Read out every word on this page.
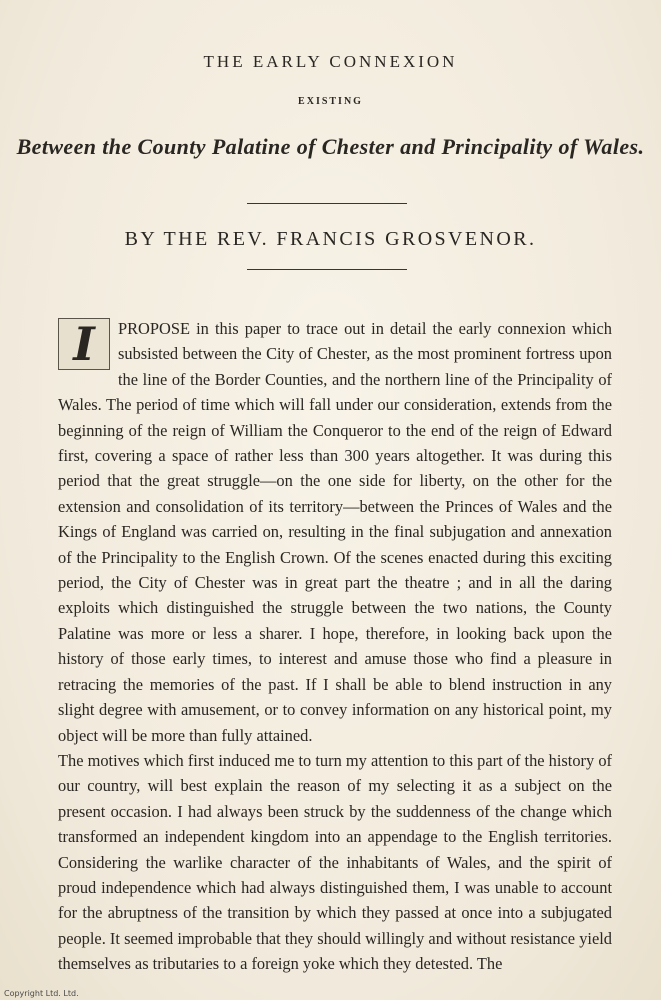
THE EARLY CONNEXION
EXISTING
Between the County Palatine of Chester and Principality of Wales.
BY THE REV. FRANCIS GROSVENOR.

I	PROPOSE in this paper to trace out in detail the early connexion which subsisted between the City of Chester, as the most prominent fortress upon the line of the Border Counties, and the northern line of the Principality of Wales. The period of time which will fall under our consideration, extends from the beginning of the reign of William the Conqueror to the end of the reign of Edward first, covering a space of rather less than 300 years altogether. It was during this period that the great struggle—on the one side for liberty, on the other for the extension and consolidation of its territory—between the Princes of Wales and the Kings of England was carried on, resulting in the final subjugation and annexation of the Principality to the English Crown. Of the scenes enacted during this exciting period, the City of Chester was in great part the theatre ; and in all the daring exploits which distinguished the struggle between the two nations, the County Palatine was more or less a sharer. I hope, therefore, in looking back upon the history of those early times, to interest and amuse those who find a pleasure in retracing the memories of the past. If I shall be able to blend instruction in any slight degree with amusement, or to convey information on any historical point, my object will be more than fully attained.

The motives which first induced me to turn my attention to this part of the history of our country, will best explain the reason of my selecting it as a subject on the present occasion. I had always been struck by the suddenness of the change which transformed an independent kingdom into an appendage to the English territories. Considering the warlike character of the inhabitants of Wales, and the spirit of proud independence which had always distinguished them, I was unable to account for the abruptness of the transition by which they passed at once into a subjugated people. It seemed improbable that they should willingly and without resistance yield themselves as tributaries to a foreign yoke which they detested. The

Copyright Ltd. Ltd.
